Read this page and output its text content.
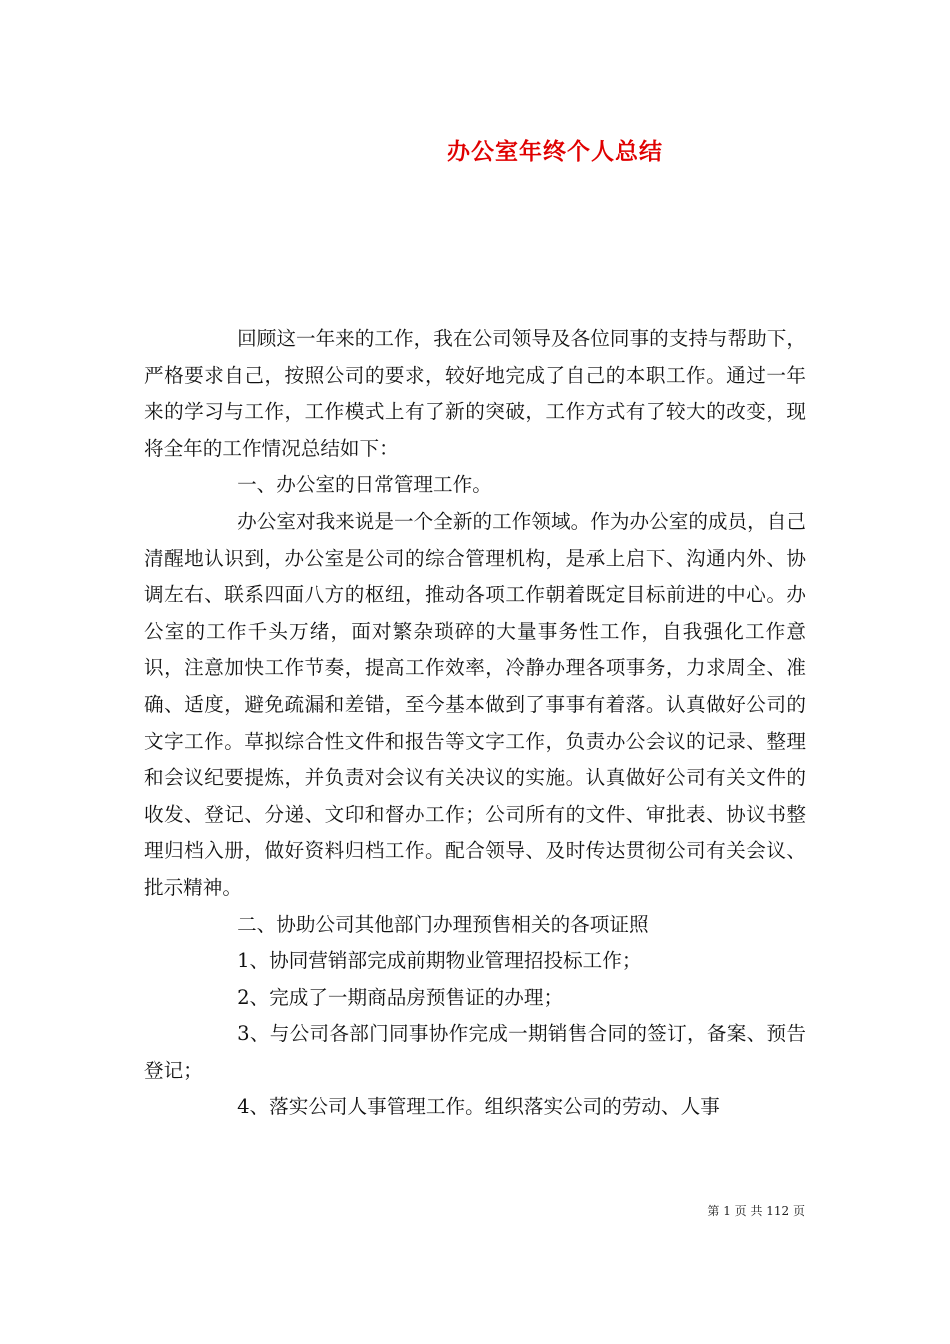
办公室年终个人总结

回顾这一年来的工作，我在公司领导及各位同事的支持与帮助下，严格要求自己，按照公司的要求，较好地完成了自己的本职工作。通过一年来的学习与工作，工作模式上有了新的突破，工作方式有了较大的改变，现将全年的工作情况总结如下：

一、办公室的日常管理工作。

办公室对我来说是一个全新的工作领域。作为办公室的成员，自己清醒地认识到，办公室是公司的综合管理机构，是承上启下、沟通内外、协调左右、联系四面八方的枢纽，推动各项工作朝着既定目标前进的中心。办公室的工作千头万绪，面对繁杂琐碎的大量事务性工作，自我强化工作意识，注意加快工作节奏，提高工作效率，冷静办理各项事务，力求周全、准确、适度，避免疏漏和差错，至今基本做到了事事有着落。认真做好公司的文字工作。草拟综合性文件和报告等文字工作，负责办公会议的记录、整理和会议纪要提炼，并负责对会议有关决议的实施。认真做好公司有关文件的收发、登记、分递、文印和督办工作；公司所有的文件、审批表、协议书整理归档入册，做好资料归档工作。配合领导、及时传达贯彻公司有关会议、批示精神。

二、协助公司其他部门办理预售相关的各项证照

1、协同营销部完成前期物业管理招投标工作；

2、完成了一期商品房预售证的办理；

3、与公司各部门同事协作完成一期销售合同的签订，备案、预告登记；

4、落实公司人事管理工作。组织落实公司的劳动、人事

第 1 页 共 112 页
